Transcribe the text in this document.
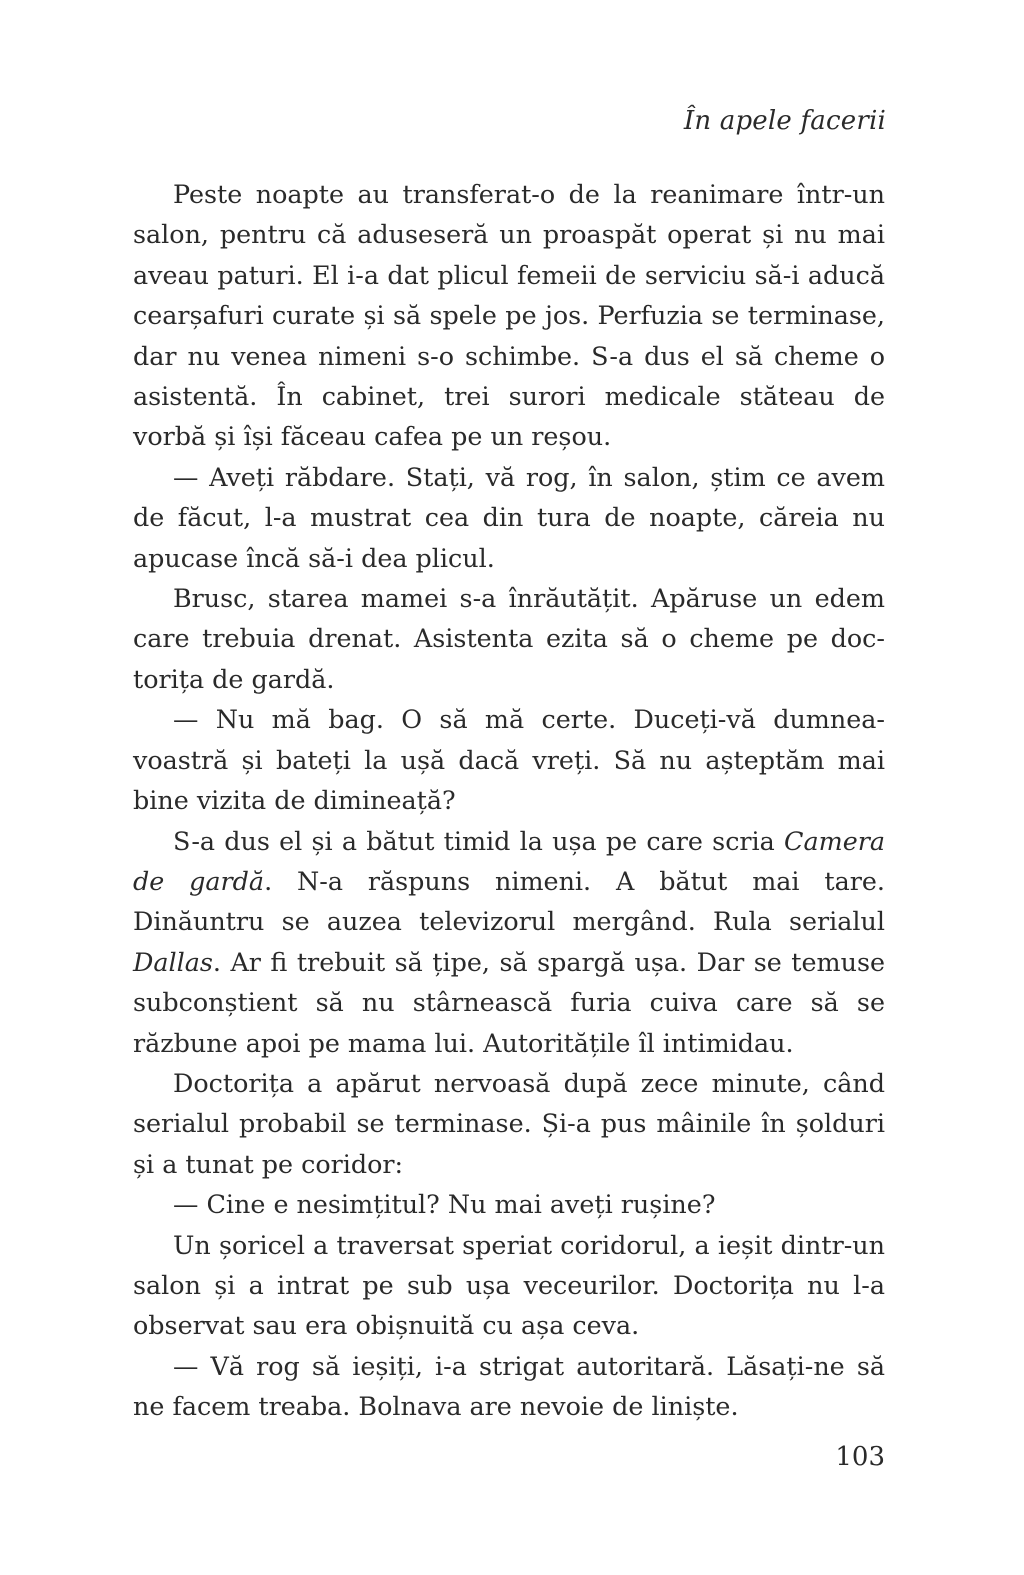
În apele facerii

Peste noapte au transferat-o de la reanimare într-un salon, pentru că aduseseră un proaspăt operat și nu mai aveau paturi. El i-a dat plicul femeii de serviciu să-i aducă cearșafuri curate și să spele pe jos. Perfuzia se terminase, dar nu venea nimeni s-o schimbe. S-a dus el să cheme o asistentă. În cabinet, trei surori medicale stăteau de vorbă și își făceau cafea pe un reșou.

— Aveți răbdare. Stați, vă rog, în salon, știm ce avem de făcut, l-a mustrat cea din tura de noapte, căreia nu apucase încă să-i dea plicul.

Brusc, starea mamei s-a înrăutățit. Apăruse un edem care trebuia drenat. Asistenta ezita să o cheme pe doctorița de gardă.

— Nu mă bag. O să mă certe. Duceți-vă dumneavoastră și bateți la ușă dacă vreți. Să nu așteptăm mai bine vizita de dimineață?

S-a dus el și a bătut timid la ușa pe care scria Camera de gardă. N-a răspuns nimeni. A bătut mai tare. Dinăuntru se auzea televizorul mergând. Rula serialul Dallas. Ar fi trebuit să țipe, să spargă ușa. Dar se temuse subconștient să nu stârnească furia cuiva care să se răzbune apoi pe mama lui. Autoritățile îl intimidau.

Doctorița a apărut nervoasă după zece minute, când serialul probabil se terminase. Și-a pus mâinile în șolduri și a tunat pe coridor:

— Cine e nesimțitul? Nu mai aveți rușine?

Un șoricel a traversat speriat coridorul, a ieșit dintr-un salon și a intrat pe sub ușa veceurilor. Doctorița nu l-a observat sau era obișnuită cu așa ceva.

— Vă rog să ieșiți, i-a strigat autoritară. Lăsați-ne să ne facem treaba. Bolnava are nevoie de liniște.

103
